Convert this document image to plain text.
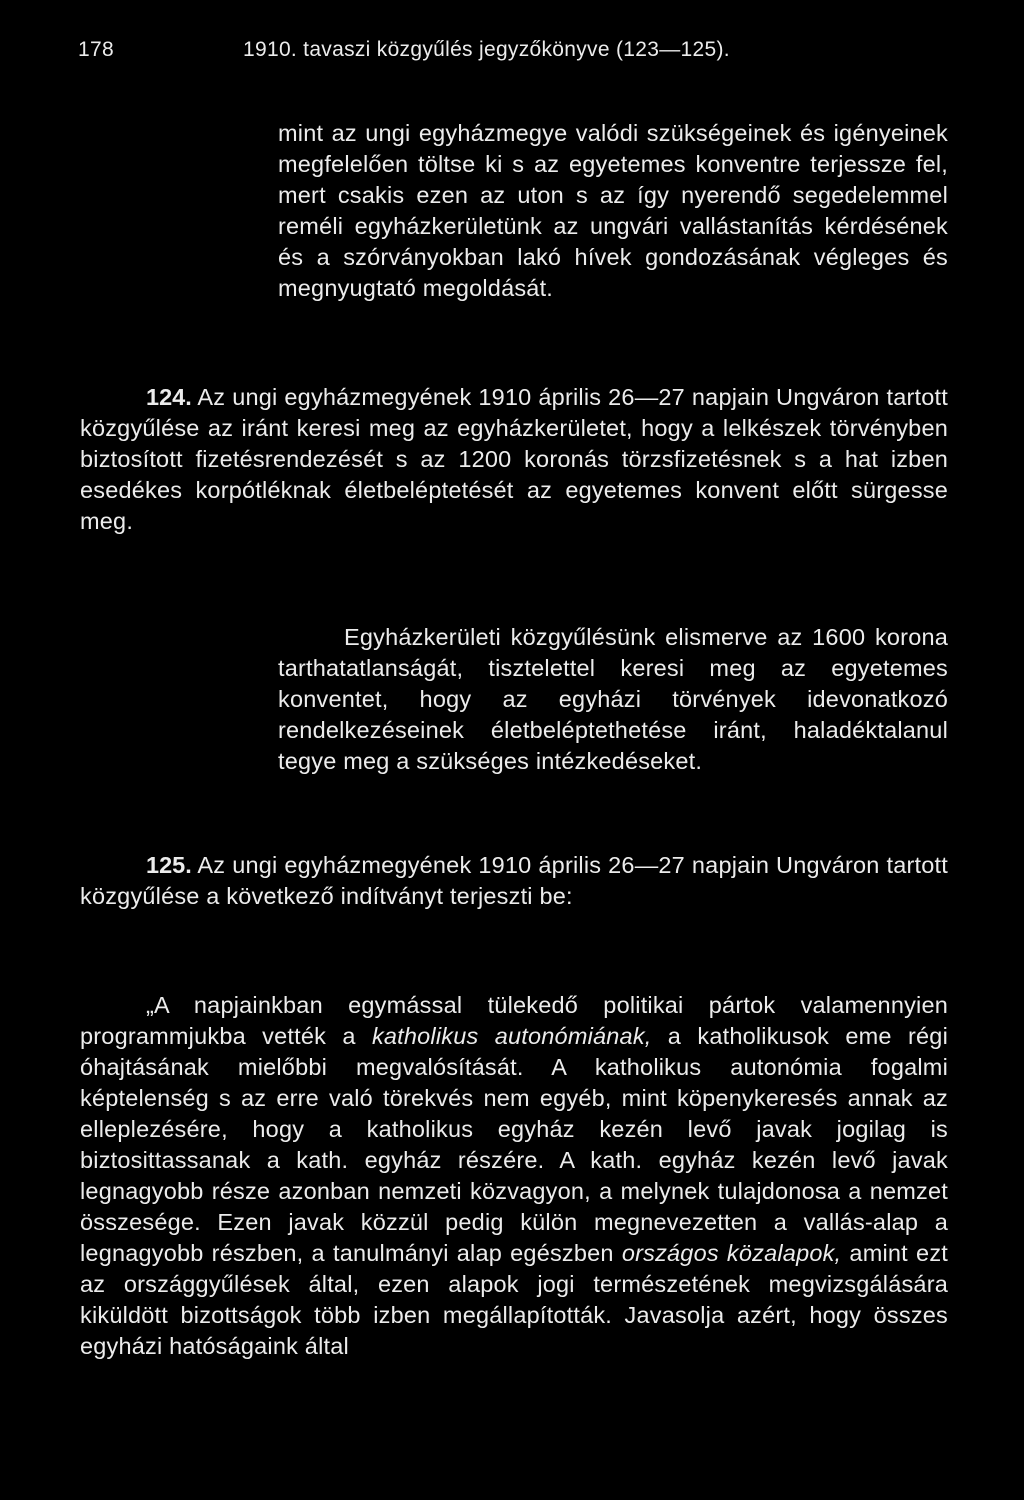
178	1910. tavaszi közgyűlés jegyzőkönyve (123—125).

mint az ungi egyházmegye valódi szükségeinek és igényeinek megfelelően töltse ki s az egyetemes konventre terjessze fel, mert csakis ezen az uton s az így nyerendő segedelemmel reméli egyházkerületünk az ungvári vallástanítás kérdésének és a szórványokban lakó hívek gondozásának végleges és megnyugtató megoldását.

124. Az ungi egyházmegyének 1910 április 26—27 napjain Ungváron tartott közgyűlése az iránt keresi meg az egyházkerületet, hogy a lelkészek törvényben biztosított fizetésrendezését s az 1200 koronás törzsfizetésnek s a hat izben esedékes korpótléknak életbeléptetését az egyetemes konvent előtt sürgesse meg.

Egyházkerületi közgyűlésünk elismerve az 1600 korona tarthatatlanságát, tisztelettel keresi meg az egyetemes konventet, hogy az egyházi törvények idevonatkozó rendelkezéseinek életbeléptethetése iránt, haladéktalanul tegye meg a szükséges intézkedéseket.

125. Az ungi egyházmegyének 1910 április 26—27 napjain Ungváron tartott közgyűlése a következő indítványt terjeszti be:

„A napjainkban egymással tülekedő politikai pártok valamennyien programmjukba vették a katholikus autonómiának, a katholikusok eme régi óhajtásának mielőbbi megvalósítását. A katholikus autonómia fogalmi képtelenség s az erre való törekvés nem egyéb, mint köpenykeresés annak az elleplezésére, hogy a katholikus egyház kezén levő javak jogilag is biztosittassanak a kath. egyház részére. A kath. egyház kezén levő javak legnagyobb része azonban nemzeti közvagyon, a melynek tulajdonosa a nemzet összesége. Ezen javak közzül pedig külön megnevezetten a vallás-alap a legnagyobb részben, a tanulmányi alap egészben országos közalapok, amint ezt az országgyűlések által, ezen alapok jogi természetének megvizsgálására kiküldött bizottságok több izben megállapították. Javasolja azért, hogy összes egyházi hatóságaink által
